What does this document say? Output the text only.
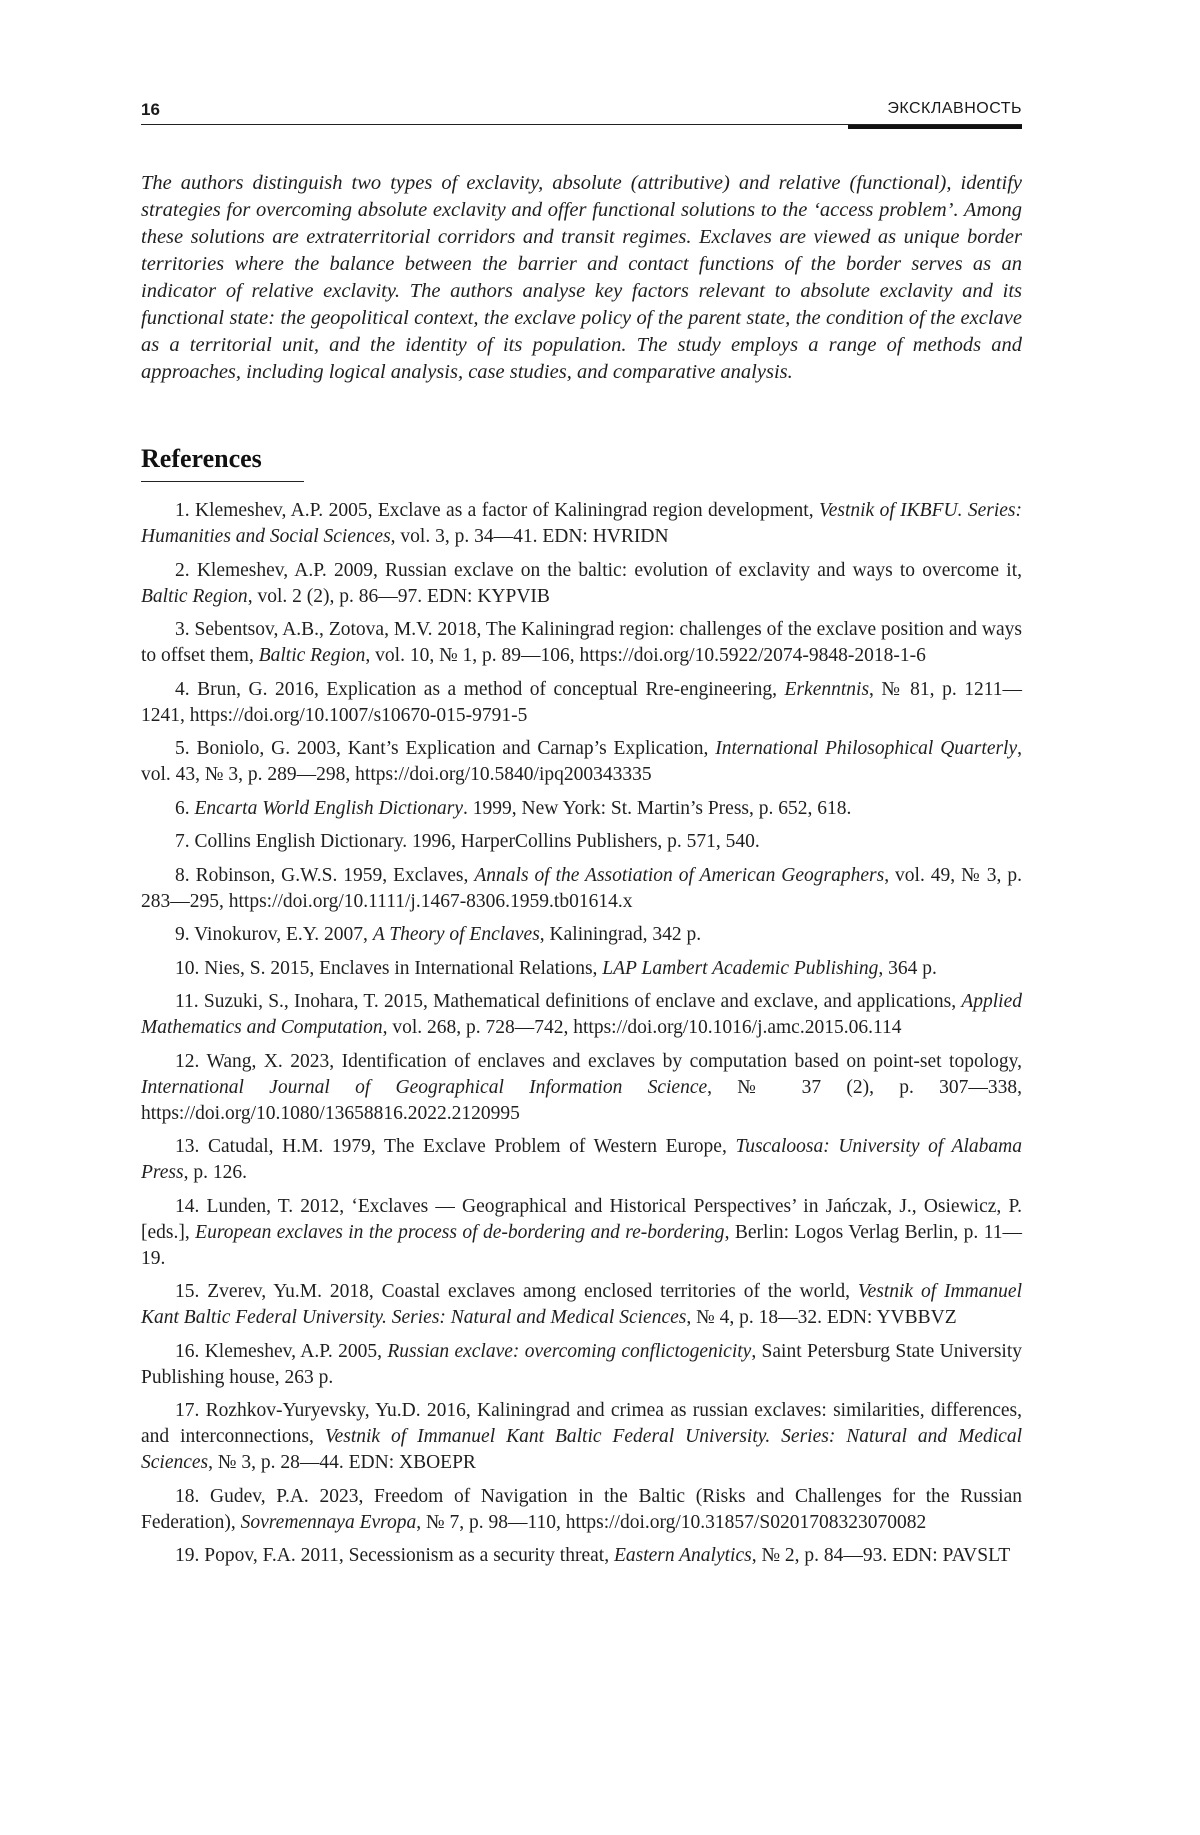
16	ЭКСКЛАВНОСТЬ

The authors distinguish two types of exclavity, absolute (attributive) and relative (functional), identify strategies for overcoming absolute exclavity and offer functional solutions to the ‘access problem’. Among these solutions are extraterritorial corridors and transit regimes. Exclaves are viewed as unique border territories where the balance between the barrier and contact functions of the border serves as an indicator of relative exclavity. The authors analyse key factors relevant to absolute exclavity and its functional state: the geopolitical context, the exclave policy of the parent state, the condition of the exclave as a territorial unit, and the identity of its population. The study employs a range of methods and approaches, including logical analysis, case studies, and comparative analysis.

References
1. Klemeshev, A.P. 2005, Exclave as a factor of Kaliningrad region development, Vestnik of IKBFU. Series: Humanities and Social Sciences, vol. 3, p. 34—41. EDN: HVRIDN
2. Klemeshev, A.P. 2009, Russian exclave on the baltic: evolution of exclavity and ways to overcome it, Baltic Region, vol. 2 (2), p. 86—97. EDN: KYPVIB
3. Sebentsov, A.B., Zotova, M.V. 2018, The Kaliningrad region: challenges of the exclave position and ways to offset them, Baltic Region, vol. 10, № 1, p. 89—106, https://doi.org/10.5922/2074-9848-2018-1-6
4. Brun, G. 2016, Explication as a method of conceptual Rre-engineering, Erkenntnis, № 81, p. 1211—1241, https://doi.org/10.1007/s10670-015-9791-5
5. Boniolo, G. 2003, Kant’s Explication and Carnap’s Explication, International Philosophical Quarterly, vol. 43, № 3, p. 289—298, https://doi.org/10.5840/ipq200343335
6. Encarta World English Dictionary. 1999, New York: St. Martin’s Press, p. 652, 618.
7. Collins English Dictionary. 1996, HarperCollins Publishers, p. 571, 540.
8. Robinson, G.W.S. 1959, Exclaves, Annals of the Assotiation of American Geographers, vol. 49, № 3, p. 283—295, https://doi.org/10.1111/j.1467-8306.1959.tb01614.x
9. Vinokurov, E.Y. 2007, A Theory of Enclaves, Kaliningrad, 342 p.
10. Nies, S. 2015, Enclaves in International Relations, LAP Lambert Academic Publishing, 364 p.
11. Suzuki, S., Inohara, T. 2015, Mathematical definitions of enclave and exclave, and applications, Applied Mathematics and Computation, vol. 268, p. 728—742, https://doi.org/10.1016/j.amc.2015.06.114
12. Wang, X. 2023, Identification of enclaves and exclaves by computation based on point-set topology, International Journal of Geographical Information Science, № 37 (2), p. 307—338, https://doi.org/10.1080/13658816.2022.2120995
13. Catudal, H.M. 1979, The Exclave Problem of Western Europe, Tuscaloosa: University of Alabama Press, p. 126.
14. Lunden, T. 2012, ‘Exclaves — Geographical and Historical Perspectives’ in Jańczak, J., Osiewicz, P. [eds.], European exclaves in the process of de-bordering and re-bordering, Berlin: Logos Verlag Berlin, p. 11—19.
15. Zverev, Yu.M. 2018, Coastal exclaves among enclosed territories of the world, Vestnik of Immanuel Kant Baltic Federal University. Series: Natural and Medical Sciences, № 4, p. 18—32. EDN: YVBBVZ
16. Klemeshev, A.P. 2005, Russian exclave: overcoming conflictogenicity, Saint Petersburg State University Publishing house, 263 p.
17. Rozhkov-Yuryevsky, Yu.D. 2016, Kaliningrad and crimea as russian exclaves: similarities, differences, and interconnections, Vestnik of Immanuel Kant Baltic Federal University. Series: Natural and Medical Sciences, № 3, p. 28—44. EDN: XBOEPR
18. Gudev, P.A. 2023, Freedom of Navigation in the Baltic (Risks and Challenges for the Russian Federation), Sovremennaya Evropa, № 7, p. 98—110, https://doi.org/10.31857/S0201708323070082
19. Popov, F.A. 2011, Secessionism as a security threat, Eastern Analytics, № 2, p. 84—93. EDN: PAVSLT
